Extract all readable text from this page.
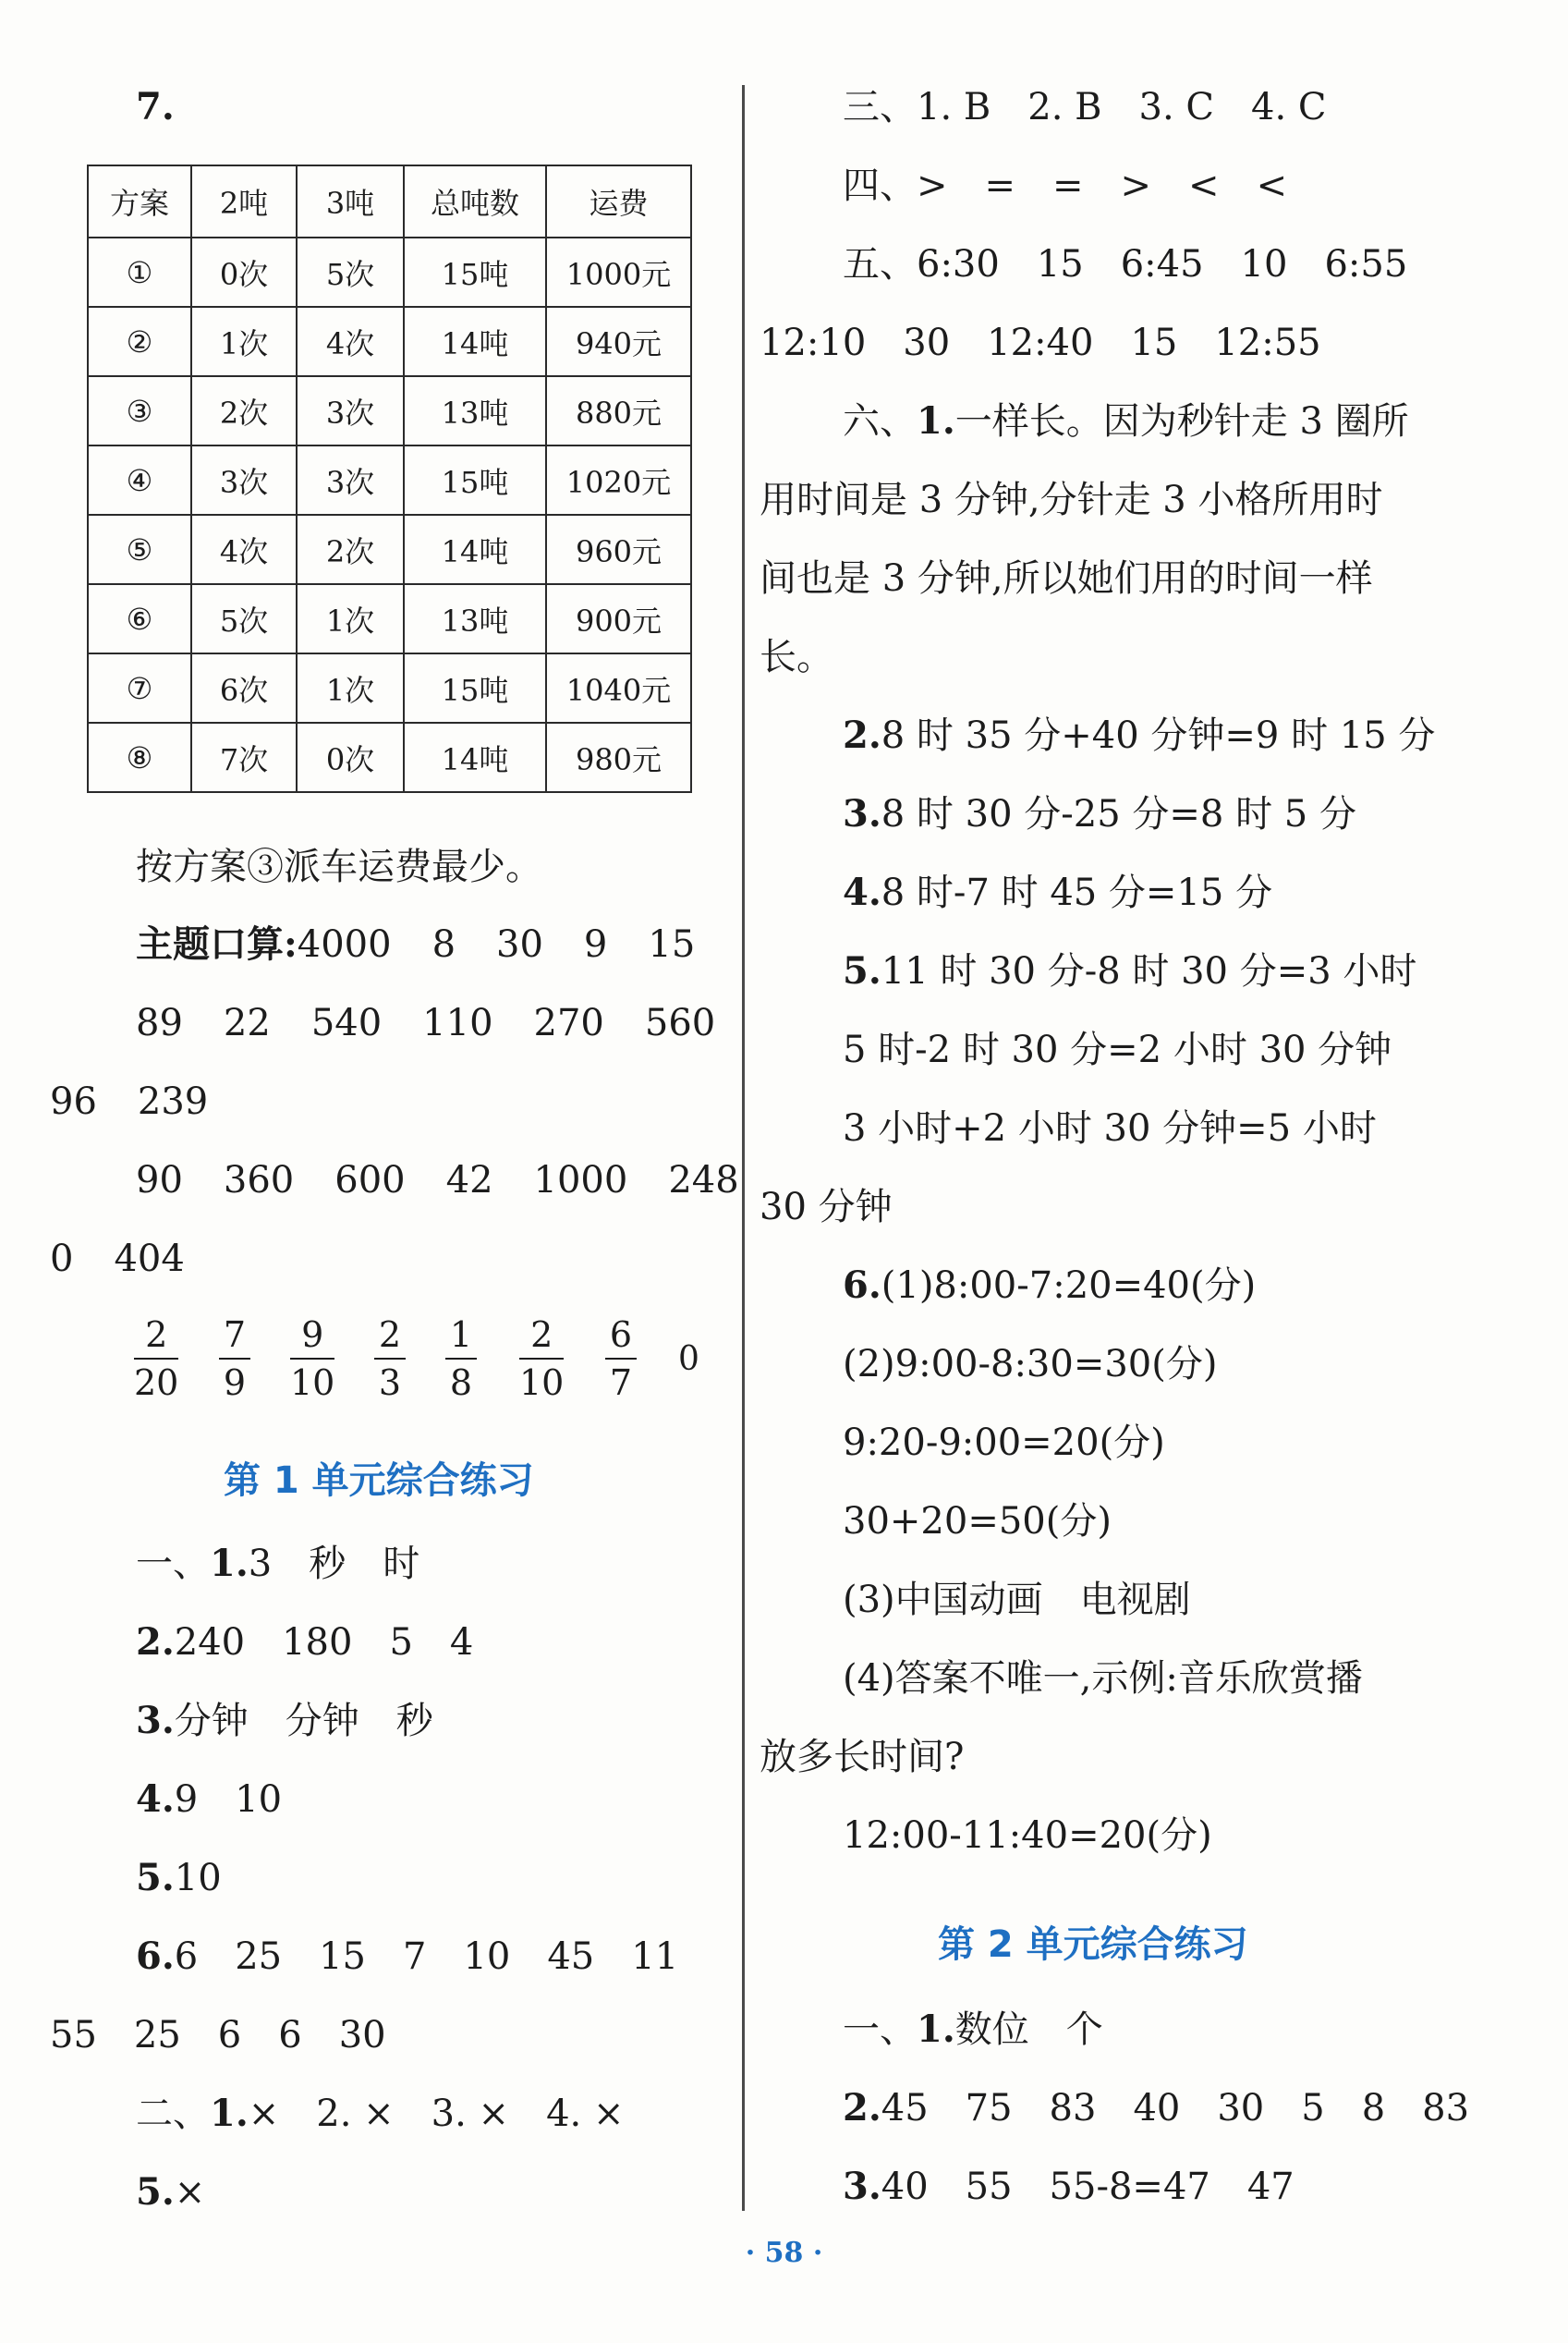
7.
方案	2吨	3吨	总吨数	运费
①	0次	5次	15吨	1000元
②	1次	4次	14吨	940元
③	2次	3次	13吨	880元
④	3次	3次	15吨	1020元
⑤	4次	2次	14吨	960元
⑥	5次	1次	13吨	900元
⑦	6次	1次	15吨	1040元
⑧	7次	0次	14吨	980元
按方案③派车运费最少。
主题口算:4000 8 30 9 15
89 22 540 110 270 560
96 239
90 360 600 42 1000 248
0 404
2
20
7
9
9
10
2
3
1
8
2
10
6
7
0
第 1 单元综合练习
一、1.3　秒　时
2.240　180　5　4
3.分钟　分钟　秒
4.9　10
5.10
6.6　25　15　7　10　45　11
55　25　6　6　30
二、1.×　2. ×　3. ×　4. ×
5.×
三、1. B　2. B　3. C　4. C
四、>　=　=　>　<　<
五、6:30　15　6:45　10　6:55
12:10　30　12:40　15　12:55
六、1.一样长。因为秒针走 3 圈所
用时间是 3 分钟,分针走 3 小格所用时
间也是 3 分钟,所以她们用的时间一样
长。
2.8 时 35 分+40 分钟=9 时 15 分
3.8 时 30 分-25 分=8 时 5 分
4.8 时-7 时 45 分=15 分
5.11 时 30 分-8 时 30 分=3 小时
5 时-2 时 30 分=2 小时 30 分钟
3 小时+2 小时 30 分钟=5 小时
30 分钟
6.(1)8:00-7:20=40(分)
(2)9:00-8:30=30(分)
9:20-9:00=20(分)
30+20=50(分)
(3)中国动画　电视剧
(4)答案不唯一,示例:音乐欣赏播
放多长时间?
12:00-11:40=20(分)
第 2 单元综合练习
一、1.数位　个
2.45　75　83　40　30　5　8　83
3.40　55　55-8=47　47
· 58 ·
